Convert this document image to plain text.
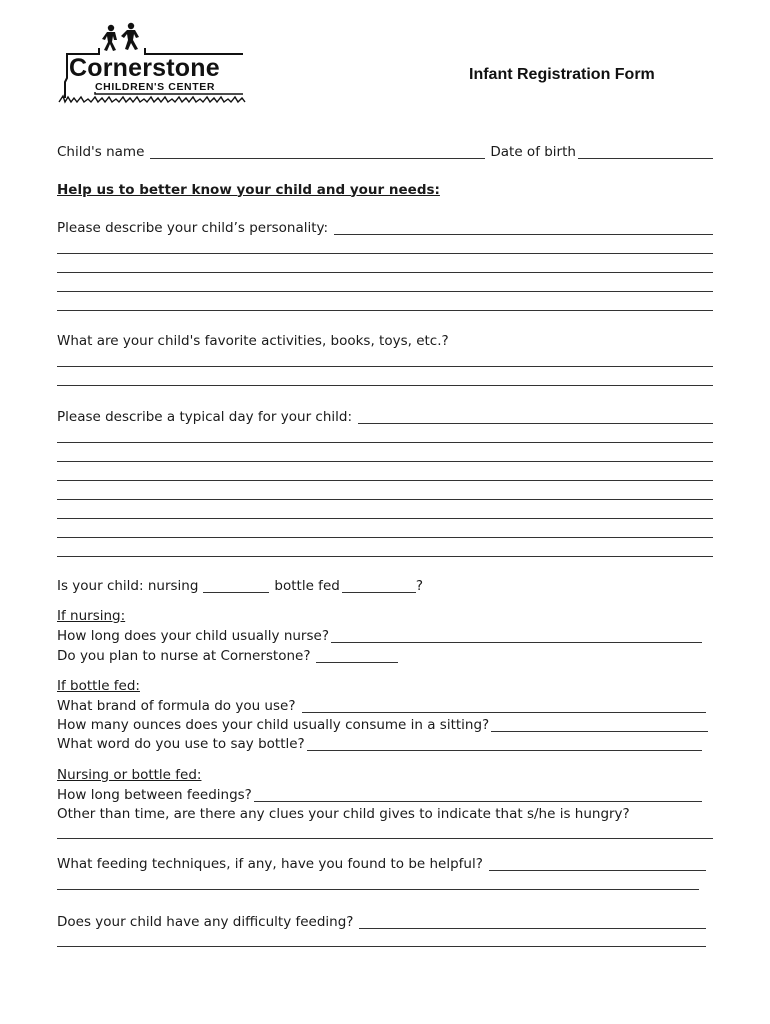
Cornerstone
CHILDREN'S CENTER
Infant Registration Form
Child's name	Date of birth
Help us to better know your child and your needs:
Please describe your child’s personality:
What are your child's favorite activities, books, toys, etc.?
Please describe a typical day for your child:
Is your child: nursing	bottle fed	?
If nursing:
How long does your child usually nurse?
Do you plan to nurse at Cornerstone?
If bottle fed:
What brand of formula do you use?
How many ounces does your child usually consume in a sitting?
What word do you use to say bottle?
Nursing or bottle fed:
How long between feedings?
Other than time, are there any clues your child gives to indicate that s/he is hungry?
What feeding techniques, if any, have you found to be helpful?
Does your child have any difficulty feeding?
